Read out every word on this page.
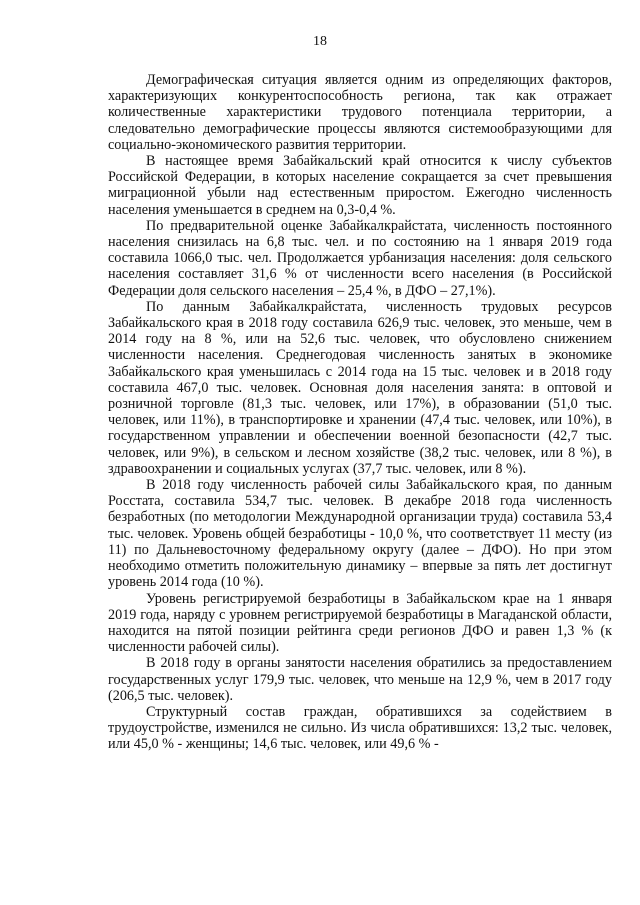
18

Демографическая ситуация является одним из определяющих факторов, характеризующих конкурентоспособность региона, так как отражает количественные характеристики трудового потенциала территории, а следовательно демографические процессы являются системообразующими для социально-экономического развития территории.

В настоящее время Забайкальский край относится к числу субъектов Российской Федерации, в которых население сокращается за счет превышения миграционной убыли над естественным приростом. Ежегодно численность населения уменьшается в среднем на 0,3-0,4 %.

По предварительной оценке Забайкалкрайстата, численность постоянного населения снизилась на 6,8 тыс. чел. и по состоянию на 1 января 2019 года составила 1066,0 тыс. чел. Продолжается урбанизация населения: доля сельского населения составляет 31,6 % от численности всего населения (в Российской Федерации доля сельского населения – 25,4 %, в ДФО – 27,1%).

По данным Забайкалкрайстата, численность трудовых ресурсов Забайкальского края в 2018 году составила 626,9 тыс. человек, это меньше, чем в 2014 году на 8 %, или на 52,6 тыс. человек, что обусловлено снижением численности населения. Среднегодовая численность занятых в экономике Забайкальского края уменьшилась с 2014 года на 15 тыс. человек и в 2018 году составила 467,0 тыс. человек. Основная доля населения занята: в оптовой и розничной торговле (81,3 тыс. человек, или 17%), в образовании (51,0 тыс. человек, или 11%), в транспортировке и хранении (47,4 тыс. человек, или 10%), в государственном управлении и обеспечении военной безопасности (42,7 тыс. человек, или 9%), в сельском и лесном хозяйстве (38,2 тыс. человек, или 8 %), в здравоохранении и социальных услугах (37,7 тыс. человек, или 8 %).

В 2018 году численность рабочей силы Забайкальского края, по данным Росстата, составила 534,7 тыс. человек. В декабре 2018 года численность безработных (по методологии Международной организации труда) составила 53,4 тыс. человек. Уровень общей безработицы - 10,0 %, что соответствует 11 месту (из 11) по Дальневосточному федеральному округу (далее – ДФО). Но при этом необходимо отметить положительную динамику – впервые за пять лет достигнут уровень 2014 года (10 %).

Уровень регистрируемой безработицы в Забайкальском крае на 1 января 2019 года, наряду с уровнем регистрируемой безработицы в Магаданской области, находится на пятой позиции рейтинга среди регионов ДФО и равен 1,3 % (к численности рабочей силы).

В 2018 году в органы занятости населения обратились за предоставлением государственных услуг 179,9 тыс. человек, что меньше на 12,9 %, чем в 2017 году (206,5 тыс. человек).

Структурный состав граждан, обратившихся за содействием в трудоустройстве, изменился не сильно. Из числа обратившихся: 13,2 тыс. человек, или 45,0 % - женщины; 14,6 тыс. человек, или 49,6 % -
